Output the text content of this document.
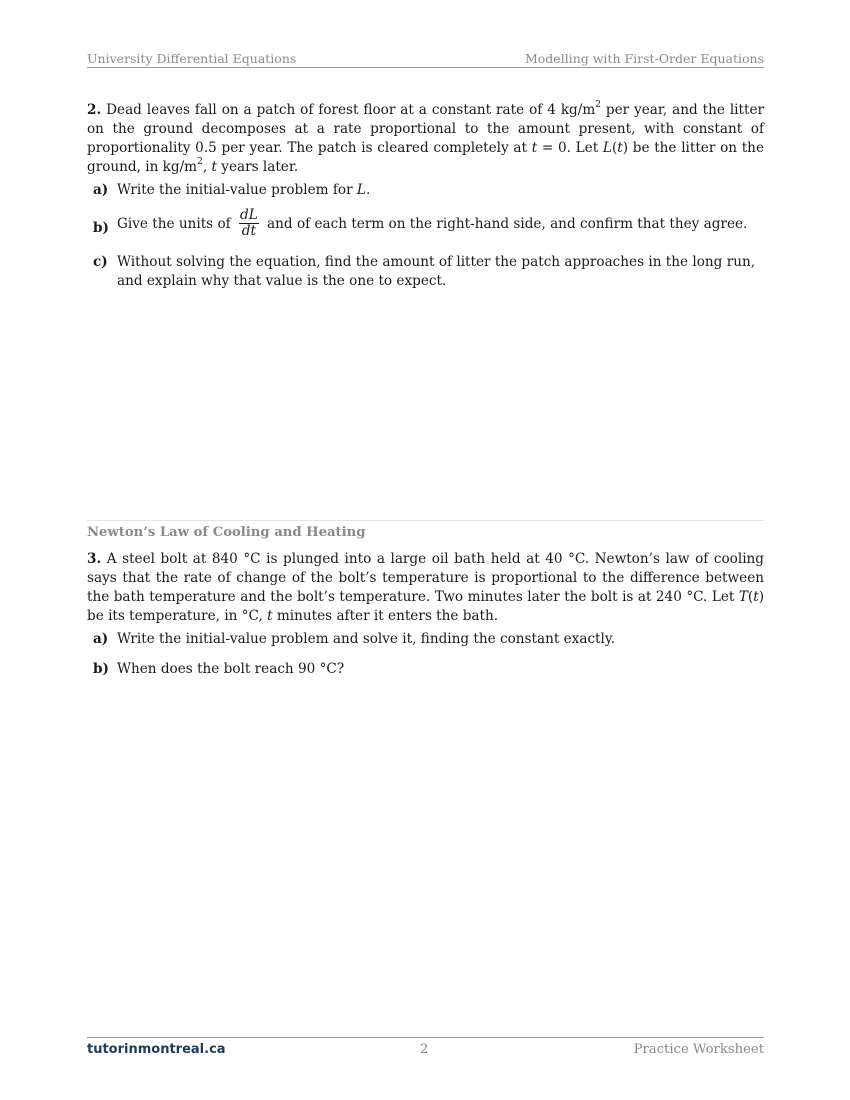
University Differential Equations	Modelling with First-Order Equations
2. Dead leaves fall on a patch of forest floor at a constant rate of 4 $kg/m^2$ per year, and the litter on the ground decomposes at a rate proportional to the amount present, with constant of proportionality 0.5 per year. The patch is cleared completely at t = 0. Let L(t) be the litter on the ground, in $kg/m^2$, t years later.
a) Write the initial-value problem for L.
b) Give the units of $\frac{dL}{dt}$ and of each term on the right-hand side, and confirm that they agree.
c) Without solving the equation, find the amount of litter the patch approaches in the long run, and explain why that value is the one to expect.
Newton’s Law of Cooling and Heating
3. A steel bolt at 840 °C is plunged into a large oil bath held at 40 °C. Newton’s law of cooling says that the rate of change of the bolt’s temperature is proportional to the difference between the bath temperature and the bolt’s temperature. Two minutes later the bolt is at 240 °C. Let T(t) be its temperature, in °C, t minutes after it enters the bath.
a) Write the initial-value problem and solve it, finding the constant exactly.
b) When does the bolt reach 90 °C?
tutorinmontreal.ca	2	Practice Worksheet
